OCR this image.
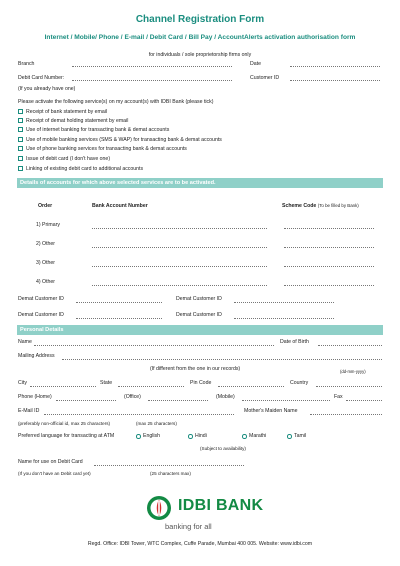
Channel Registration Form
Internet / Mobile/ Phone / E-mail / Debit Card / Bill Pay / AccountAlerts activation authorisation form
for individuals / sole proprietorship firms only
Branch	Date
Debit Card Number:	Customer ID
(If you already have one)
Please activate the following service(s) on my account(s) with IDBI Bank (please tick)
Receipt of bank statement by email
Receipt of demat holding statement by email
Use of internet banking for transacting bank & demat accounts
Use of mobile banking services (SMS & WAP) for transacting bank & demat accounts
Use of phone banking services for transacting bank & demat accounts
Issue of debit card (I don't have one)
Linking of existing debit card to additional accounts
Details of accounts for which above selected services are to be activated.
Order	Bank Account Number	Scheme Code (To be filled by Bank)
1) Primary
2) Other
3) Other
4) Other
Demat Customer ID	Demat Customer ID
Demat Customer ID	Demat Customer ID
Personal Details
Name	Date of Birth
Mailing Address
(If different from the one in our records)	(dd-mm-yyyy)
City	State	Pin Code	Country
Phone (Home)	(Office)	(Mobile)	Fax
E-Mail ID	Mother's Maiden Name
(preferably non-official id, max 25 characters)	(max 25 characters)
Preferred language for transacting at ATM	English	Hindi	Marathi	Tamil
(Subject to availability)
Name for use on Debit Card
(If you don't have an Debit card yet)	(25 characters max)
IDBI BANK
banking for all
Regd. Office: IDBI Tower, WTC Complex, Cuffe Parade, Mumbai 400 005. Website: www.idbi.com
